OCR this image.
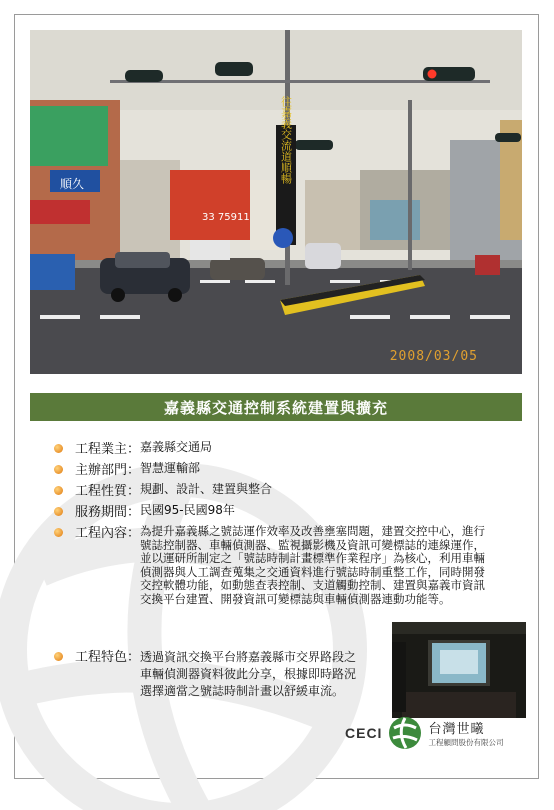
往嘉義交流道順暢
順久
33 75911
2008/03/05
嘉義縣交通控制系統建置與擴充
工程業主： 嘉義縣交通局
主辦部門： 智慧運輸部
工程性質： 規劃、設計、建置與整合
服務期間： 民國95-民國98年
工程內容： 為提升嘉義縣之號誌運作效率及改善壅塞問題，建置交控中心，進行號誌控制器、車輛偵測器、監視攝影機及資訊可變標誌的連線運作，並以運研所制定之「號誌時制計畫標準作業程序」為核心，利用車輛偵測器與人工調查蒐集之交通資料進行號誌時制重整工作，同時開發交控軟體功能，如動態查表控制、支道觸動控制、建置與嘉義市資訊交換平台建置、開發資訊可變標誌與車輛偵測器連動功能等。
工程特色： 透過資訊交換平台將嘉義縣市交界路段之車輛偵測器資料彼此分享，根據即時路況選擇適當之號誌時制計畫以舒緩車流。
CECI	台灣世曦
工程顧問股份有限公司
